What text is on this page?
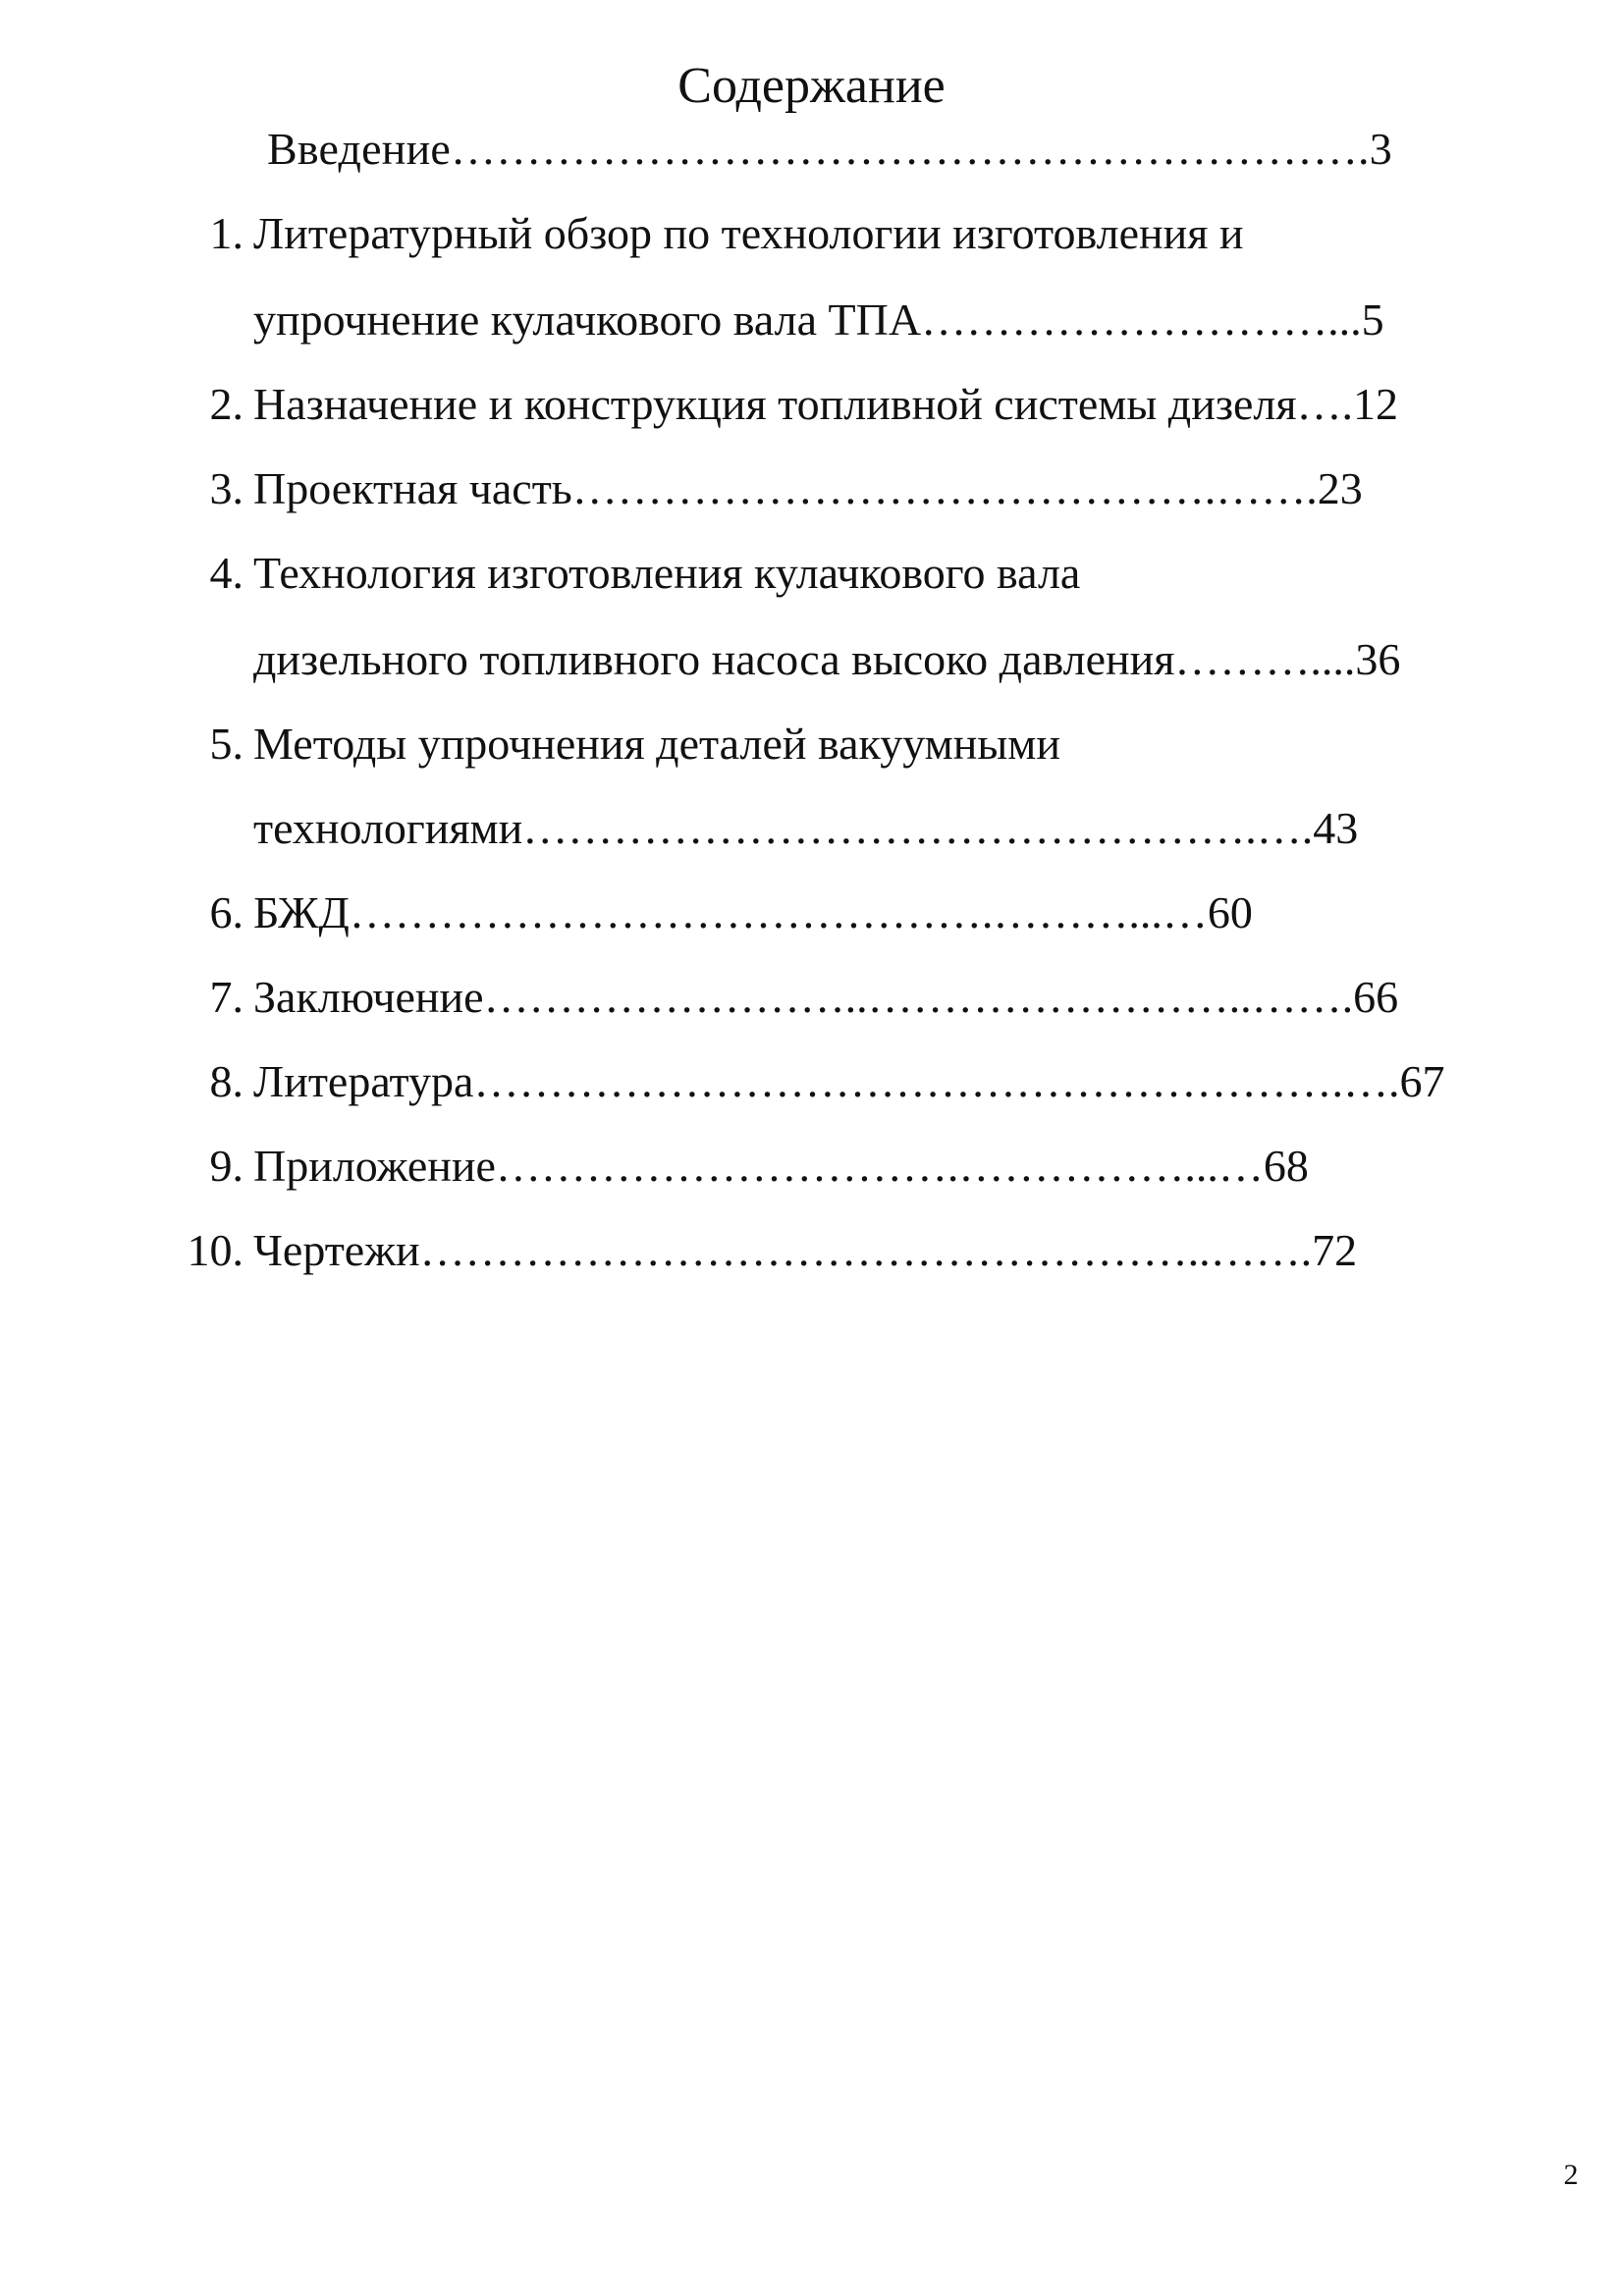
Содержание

Введение…………………………………………………….3

1. Литературный обзор по технологии изготовления и

упрочнение кулачкового вала ТПА………………………...5

2. Назначение и конструкция топливной системы дизеля….12

3. Проектная часть…………………………………….…….23

4. Технология изготовления кулачкового вала

дизельного топливного насоса высоко давления………....36

5. Методы упрочнения деталей вакуумными

технологиями………………………………………….….43

6. БЖД…………………………………….………...…60

7. Заключение……………………..……………………..…….66

8. Литература………………………………………………….….67

9. Приложение………………………….……………...…68

10. Чертежи……………………………………………..…….72

2
